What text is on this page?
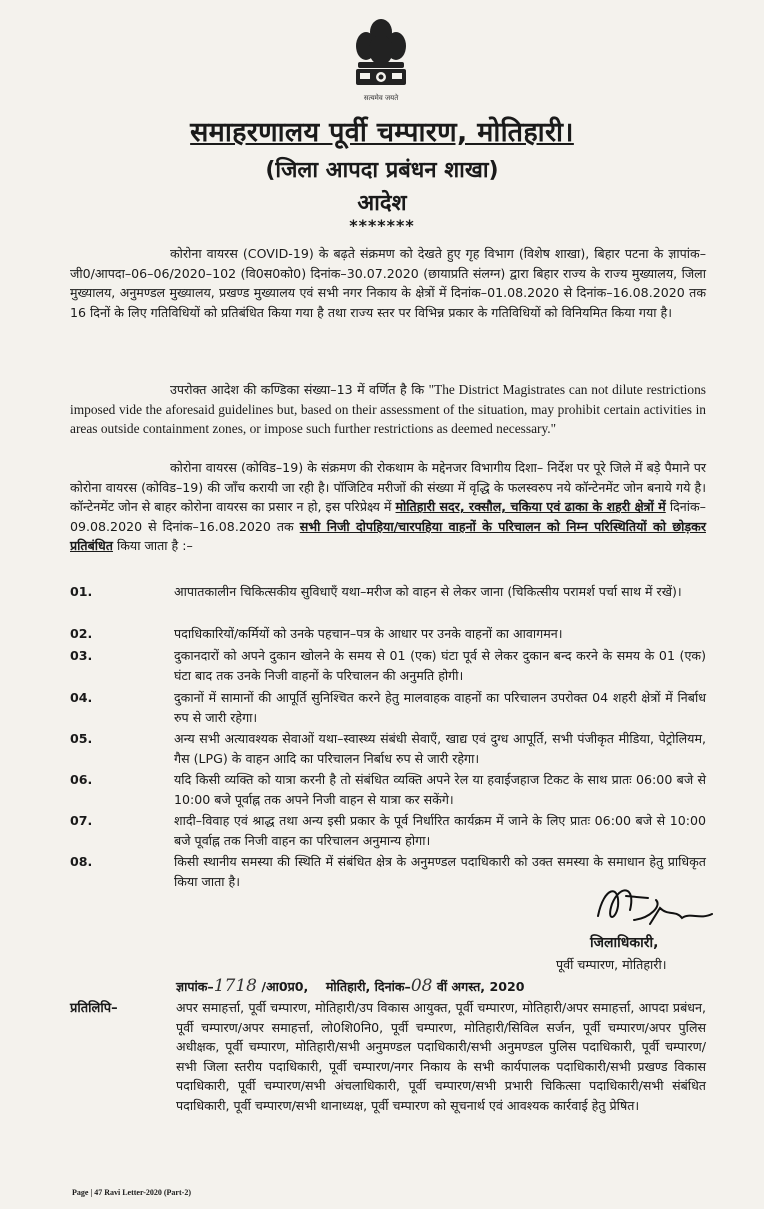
सत्यमेव जयते
समाहरणालय पूर्वी चम्पारण, मोतिहारी।
(जिला आपदा प्रबंधन शाखा)
आदेश
*******
कोरोना वायरस (COVID-19) के बढ़ते संक्रमण को देखते हुए गृह विभाग (विशेष शाखा), बिहार पटना के ज्ञापांक–जी0/आपदा–06–06/2020–102 (वि0स0को0) दिनांक–30.07.2020 (छायाप्रति संलग्न) द्वारा बिहार राज्य के राज्य मुख्यालय, जिला मुख्यालय, अनुमण्डल मुख्यालय, प्रखण्ड मुख्यालय एवं सभी नगर निकाय के क्षेत्रों में दिनांक–01.08.2020 से दिनांक–16.08.2020 तक 16 दिनों के लिए गतिविधियों को प्रतिबंधित किया गया है तथा राज्य स्तर पर विभिन्न प्रकार के गतिविधियों को विनियमित किया गया है।
उपरोक्त आदेश की कण्डिका संख्या–13 में वर्णित है कि "The District Magistrates can not dilute restrictions imposed vide the aforesaid guidelines but, based on their assessment of the situation, may prohibit certain activities in areas outside containment zones, or impose such further restrictions as deemed necessary."
कोरोना वायरस (कोविड–19) के संक्रमण की रोकथाम के मद्देनजर विभागीय दिशा– निर्देश पर पूरे जिले में बड़े पैमाने पर कोरोना वायरस (कोविड–19) की जाँच करायी जा रही है। पॉजिटिव मरीजों की संख्या में वृद्धि के फलस्वरुप नये कॉन्टेनमेंट जोन बनाये गये है। कॉन्टेनमेंट जोन से बाहर कोरोना वायरस का प्रसार न हो, इस परिप्रेक्ष्य में मोतिहारी सदर, रक्सौल, चकिया एवं ढाका के शहरी क्षेत्रों में दिनांक–09.08.2020 से दिनांक–16.08.2020 तक सभी निजी दोपहिया/चारपहिया वाहनों के परिचालन को निम्न परिस्थितियों को छोड़कर प्रतिबंधित किया जाता है :–
01.	आपातकालीन चिकित्सकीय सुविधाएँ यथा–मरीज को वाहन से लेकर जाना (चिकित्सीय परामर्श पर्चा साथ में रखें)।
02.	पदाधिकारियों/कर्मियों को उनके पहचान–पत्र के आधार पर उनके वाहनों का आवागमन।
03.	दुकानदारों को अपने दुकान खोलने के समय से 01 (एक) घंटा पूर्व से लेकर दुकान बन्द करने के समय के 01 (एक) घंटा बाद तक उनके निजी वाहनों के परिचालन की अनुमति होगी।
04.	दुकानों में सामानों की आपूर्ति सुनिश्चित करने हेतु मालवाहक वाहनों का परिचालन उपरोक्त 04 शहरी क्षेत्रों में निर्बाध रुप से जारी रहेगा।
05.	अन्य सभी अत्यावश्यक सेवाओं यथा–स्वास्थ्य संबंधी सेवाएँ, खाद्य एवं दुग्ध आपूर्ति, सभी पंजीकृत मीडिया, पेट्रोलियम, गैस (LPG) के वाहन आदि का परिचालन निर्बाध रुप से जारी रहेगा।
06.	यदि किसी व्यक्ति को यात्रा करनी है तो संबंधित व्यक्ति अपने रेल या हवाईजहाज टिकट के साथ प्रातः 06:00 बजे से 10:00 बजे पूर्वाह्न तक अपने निजी वाहन से यात्रा कर सकेंगे।
07.	शादी–विवाह एवं श्राद्ध तथा अन्य इसी प्रकार के पूर्व निर्धारित कार्यक्रम में जाने के लिए प्रातः 06:00 बजे से 10:00 बजे पूर्वाह्न तक निजी वाहन का परिचालन अनुमान्य होगा।
08.	किसी स्थानीय समस्या की स्थिति में संबंधित क्षेत्र के अनुमण्डल पदाधिकारी को उक्त समस्या के समाधान हेतु प्राधिकृत किया जाता है।
जिलाधिकारी,
पूर्वी चम्पारण, मोतिहारी।
ज्ञापांक–1718 /आ0प्र0, मोतिहारी, दिनांक–08 वीं अगस्त, 2020
प्रतिलिपि–	अपर समाहर्त्ता, पूर्वी चम्पारण, मोतिहारी/उप विकास आयुक्त, पूर्वी चम्पारण, मोतिहारी/अपर समाहर्त्ता, आपदा प्रबंधन, पूर्वी चम्पारण/अपर समाहर्त्ता, लो0शि0नि0, पूर्वी चम्पारण, मोतिहारी/सिविल सर्जन, पूर्वी चम्पारण/अपर पुलिस अधीक्षक, पूर्वी चम्पारण, मोतिहारी/सभी अनुमण्डल पदाधिकारी/सभी अनुमण्डल पुलिस पदाधिकारी, पूर्वी चम्पारण/सभी जिला स्तरीय पदाधिकारी, पूर्वी चम्पारण/नगर निकाय के सभी कार्यपालक पदाधिकारी/सभी प्रखण्ड विकास पदाधिकारी, पूर्वी चम्पारण/सभी अंचलाधिकारी, पूर्वी चम्पारण/सभी प्रभारी चिकित्सा पदाधिकारी/सभी संबंधित पदाधिकारी, पूर्वी चम्पारण/सभी थानाध्यक्ष, पूर्वी चम्पारण को सूचनार्थ एवं आवश्यक कार्रवाई हेतु प्रेषित।
Page | 47 Ravi Letter-2020 (Part-2)
